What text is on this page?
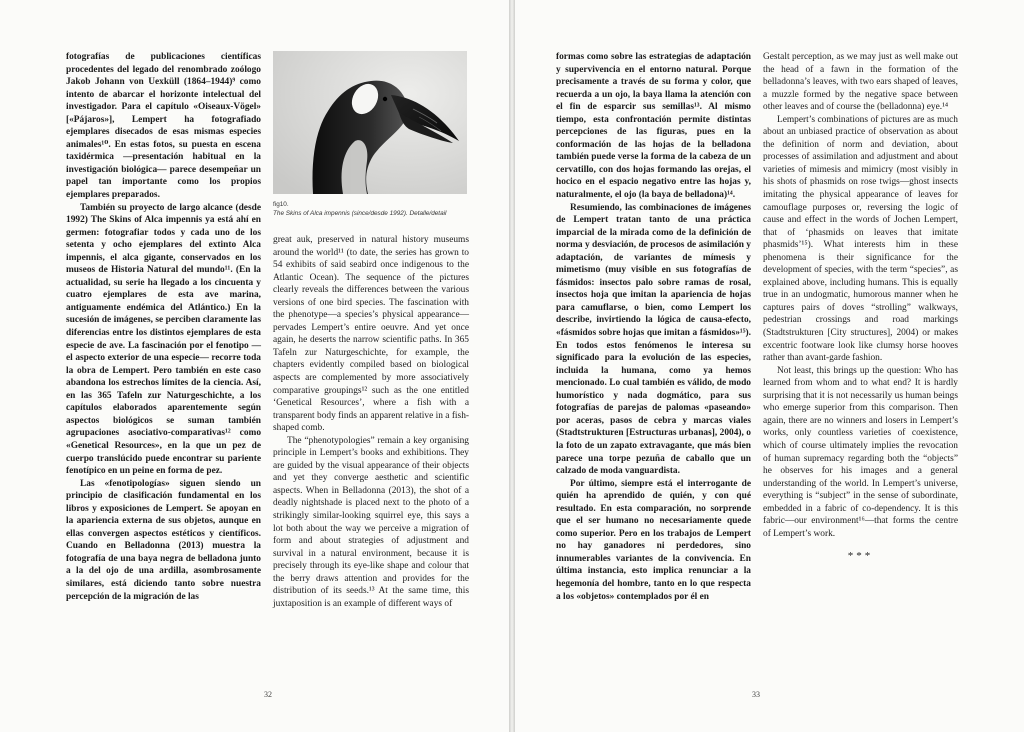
fotografías de publicaciones científicas procedentes del legado del renombrado zoólogo Jakob Johann von Uexküll (1864–1944)⁹ como intento de abarcar el horizonte intelectual del investigador. Para el capítulo «Oiseaux-Vögel» [«Pájaros»], Lempert ha fotografiado ejemplares disecados de esas mismas especies animales¹⁰. En estas fotos, su puesta en escena taxidérmica —presentación habitual en la investigación biológica— parece desempeñar un papel tan importante como los propios ejemplares preparados.

También su proyecto de largo alcance (desde 1992) The Skins of Alca impennis ya está ahí en germen: fotografiar todos y cada uno de los setenta y ocho ejemplares del extinto Alca impennis, el alca gigante, conservados en los museos de Historia Natural del mundo¹¹. (En la actualidad, su serie ha llegado a los cincuenta y cuatro ejemplares de esta ave marina, antiguamente endémica del Atlántico.) En la sucesión de imágenes, se perciben claramente las diferencias entre los distintos ejemplares de esta especie de ave. La fascinación por el fenotipo —el aspecto exterior de una especie— recorre toda la obra de Lempert. Pero también en este caso abandona los estrechos límites de la ciencia. Así, en las 365 Tafeln zur Naturgeschichte, a los capítulos elaborados aparentemente según aspectos biológicos se suman también agrupaciones asociativo-comparativas¹² como «Genetical Resources», en la que un pez de cuerpo translúcido puede encontrar su pariente fenotípico en un peine en forma de pez.

Las «fenotipologías» siguen siendo un principio de clasificación fundamental en los libros y exposiciones de Lempert. Se apoyan en la apariencia externa de sus objetos, aunque en ellas convergen aspectos estéticos y científicos. Cuando en Belladonna (2013) muestra la fotografía de una baya negra de belladona junto a la del ojo de una ardilla, asombrosamente similares, está diciendo tanto sobre nuestra percepción de la migración de las

fig10.
The Skins of Alca impennis (since/desde 1992). Detalle/detail

great auk, preserved in natural history museums around the world¹¹ (to date, the series has grown to 54 exhibits of said seabird once indigenous to the Atlantic Ocean). The sequence of the pictures clearly reveals the differences between the various versions of one bird species. The fascination with the phenotype—a species’s physical appearance—pervades Lempert’s entire oeuvre. And yet once again, he deserts the narrow scientific paths. In 365 Tafeln zur Naturgeschichte, for example, the chapters evidently compiled based on biological aspects are complemented by more associatively comparative groupings¹² such as the one entitled ‘Genetical Resources’, where a fish with a transparent body finds an apparent relative in a fish-shaped comb.

The “phenotypologies” remain a key organising principle in Lempert’s books and exhibitions. They are guided by the visual appearance of their objects and yet they converge aesthetic and scientific aspects. When in Belladonna (2013), the shot of a deadly nightshade is placed next to the photo of a strikingly similar-looking squirrel eye, this says a lot both about the way we perceive a migration of form and about strategies of adjustment and survival in a natural environment, because it is precisely through its eye-like shape and colour that the berry draws attention and provides for the distribution of its seeds.¹³ At the same time, this juxtaposition is an example of different ways of

32

formas como sobre las estrategias de adaptación y supervivencia en el entorno natural. Porque precisamente a través de su forma y color, que recuerda a un ojo, la baya llama la atención con el fin de esparcir sus semillas¹³. Al mismo tiempo, esta confrontación permite distintas percepciones de las figuras, pues en la conformación de las hojas de la belladona también puede verse la forma de la cabeza de un cervatillo, con dos hojas formando las orejas, el hocico en el espacio negativo entre las hojas y, naturalmente, el ojo (la baya de belladona)¹⁴.

Resumiendo, las combinaciones de imágenes de Lempert tratan tanto de una práctica imparcial de la mirada como de la definición de norma y desviación, de procesos de asimilación y adaptación, de variantes de mímesis y mimetismo (muy visible en sus fotografías de fásmidos: insectos palo sobre ramas de rosal, insectos hoja que imitan la apariencia de hojas para camuflarse, o bien, como Lempert los describe, invirtiendo la lógica de causa-efecto, «fásmidos sobre hojas que imitan a fásmidos»¹⁵). En todos estos fenómenos le interesa su significado para la evolución de las especies, incluida la humana, como ya hemos mencionado. Lo cual también es válido, de modo humorístico y nada dogmático, para sus fotografías de parejas de palomas «paseando» por aceras, pasos de cebra y marcas viales (Stadtstrukturen [Estructuras urbanas], 2004), o la foto de un zapato extravagante, que más bien parece una torpe pezuña de caballo que un calzado de moda vanguardista.

Por último, siempre está el interrogante de quién ha aprendido de quién, y con qué resultado. En esta comparación, no sorprende que el ser humano no necesariamente quede como superior. Pero en los trabajos de Lempert no hay ganadores ni perdedores, sino innumerables variantes de la convivencia. En última instancia, esto implica renunciar a la hegemonía del hombre, tanto en lo que respecta a los «objetos» contemplados por él en

Gestalt perception, as we may just as well make out the head of a fawn in the formation of the belladonna’s leaves, with two ears shaped of leaves, a muzzle formed by the negative space between other leaves and of course the (belladonna) eye.¹⁴

Lempert’s combinations of pictures are as much about an unbiased practice of observation as about the definition of norm and deviation, about processes of assimilation and adjustment and about varieties of mimesis and mimicry (most visibly in his shots of phasmids on rose twigs—ghost insects imitating the physical appearance of leaves for camouflage purposes or, reversing the logic of cause and effect in the words of Jochen Lempert, that of ‘phasmids on leaves that imitate phasmids’¹⁵). What interests him in these phenomena is their significance for the development of species, with the term “species”, as explained above, including humans. This is equally true in an undogmatic, humorous manner when he captures pairs of doves “strolling” walkways, pedestrian crossings and road markings (Stadtstrukturen [City structures], 2004) or makes excentric footware look like clumsy horse hooves rather than avant-garde fashion.

Not least, this brings up the question: Who has learned from whom and to what end? It is hardly surprising that it is not necessarily us human beings who emerge superior from this comparison. Then again, there are no winners and losers in Lempert’s works, only countless varieties of coexistence, which of course ultimately implies the revocation of human supremacy regarding both the “objects” he observes for his images and a general understanding of the world. In Lempert’s universe, everything is “subject” in the sense of subordinate, embedded in a fabric of co-dependency. It is this fabric—our environment¹⁶—that forms the centre of Lempert’s work.

***
33
